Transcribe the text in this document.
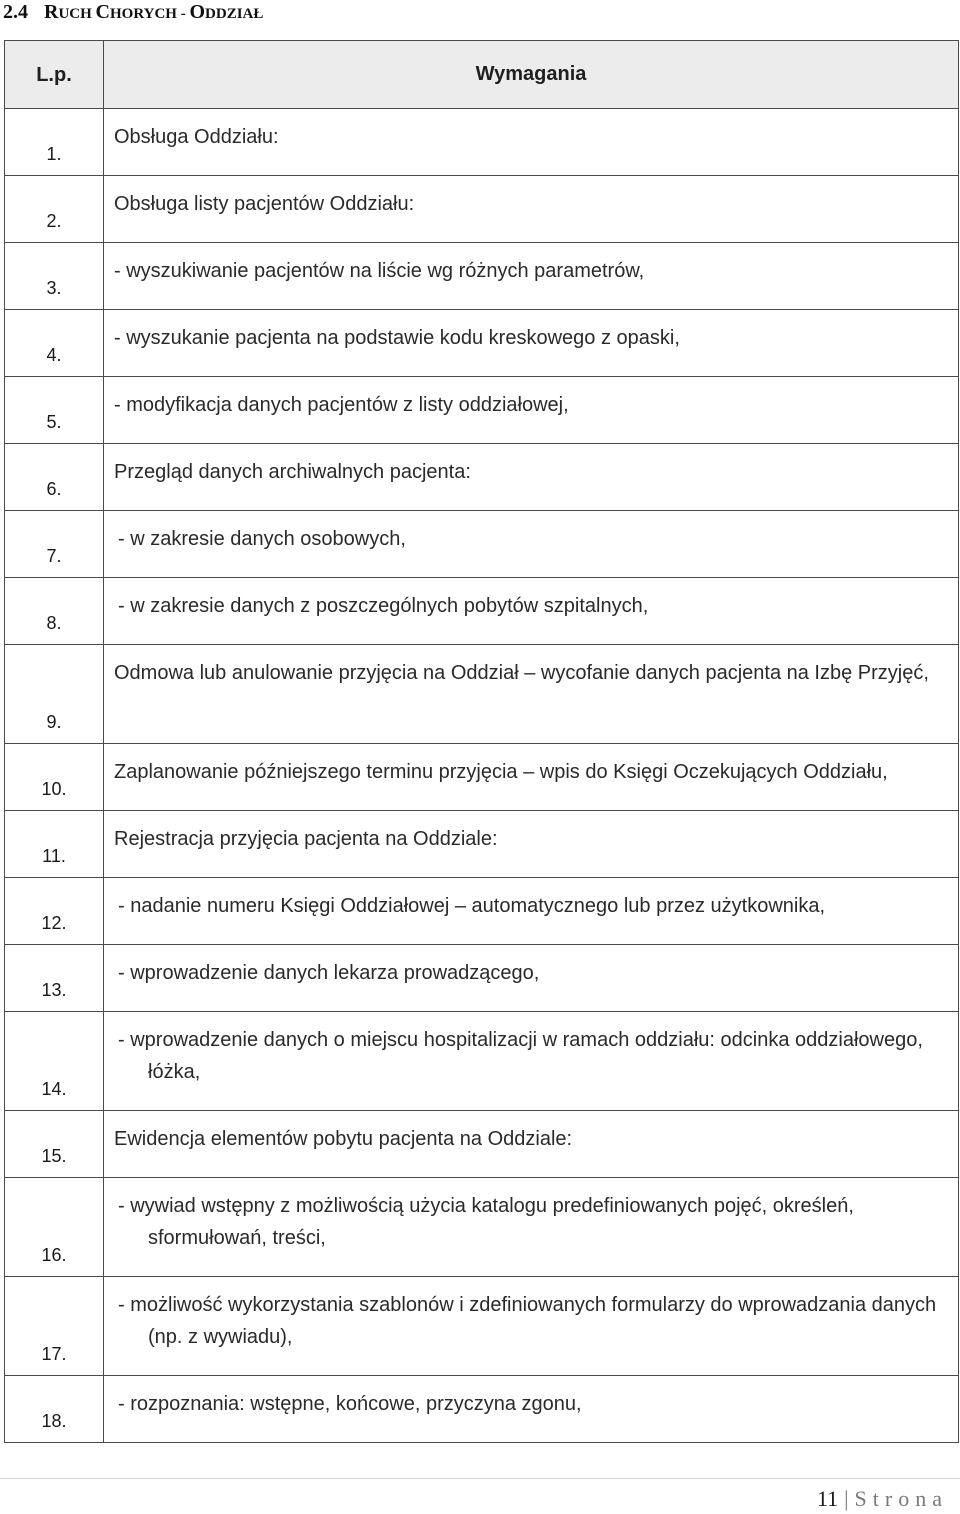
2.4 RUCH CHORYCH - ODDZIAŁ
L.p.	Wymagania
1.	Obsługa Oddziału:

2.	Obsługa listy pacjentów Oddziału:

3.	- wyszukiwanie pacjentów na liście wg różnych parametrów,

4.	- wyszukanie pacjenta na podstawie kodu kreskowego z opaski,

5.	- modyfikacja danych pacjentów z listy oddziałowej,

6.	Przegląd danych archiwalnych pacjenta:

7.	- w zakresie danych osobowych,

8.	- w zakresie danych z poszczególnych pobytów szpitalnych,

9.	Odmowa lub anulowanie przyjęcia na Oddział – wycofanie danych pacjenta na Izbę Przyjęć,

10.	Zaplanowanie późniejszego terminu przyjęcia – wpis do Księgi Oczekujących Oddziału,

11.	Rejestracja przyjęcia pacjenta na Oddziale:

12.	- nadanie numeru Księgi Oddziałowej – automatycznego lub przez użytkownika,

13.	- wprowadzenie danych lekarza prowadzącego,

14.	- wprowadzenie danych o miejscu hospitalizacji w ramach oddziału: odcinka oddziałowego, łóżka,

15.	Ewidencja elementów pobytu pacjenta na Oddziale:

16.	- wywiad wstępny z możliwością użycia katalogu predefiniowanych pojęć, określeń, sformułowań, treści,

17.	- możliwość wykorzystania szablonów i zdefiniowanych formularzy do wprowadzania danych (np. z wywiadu),

18.	- rozpoznania: wstępne, końcowe, przyczyna zgonu,

11 | Strona
